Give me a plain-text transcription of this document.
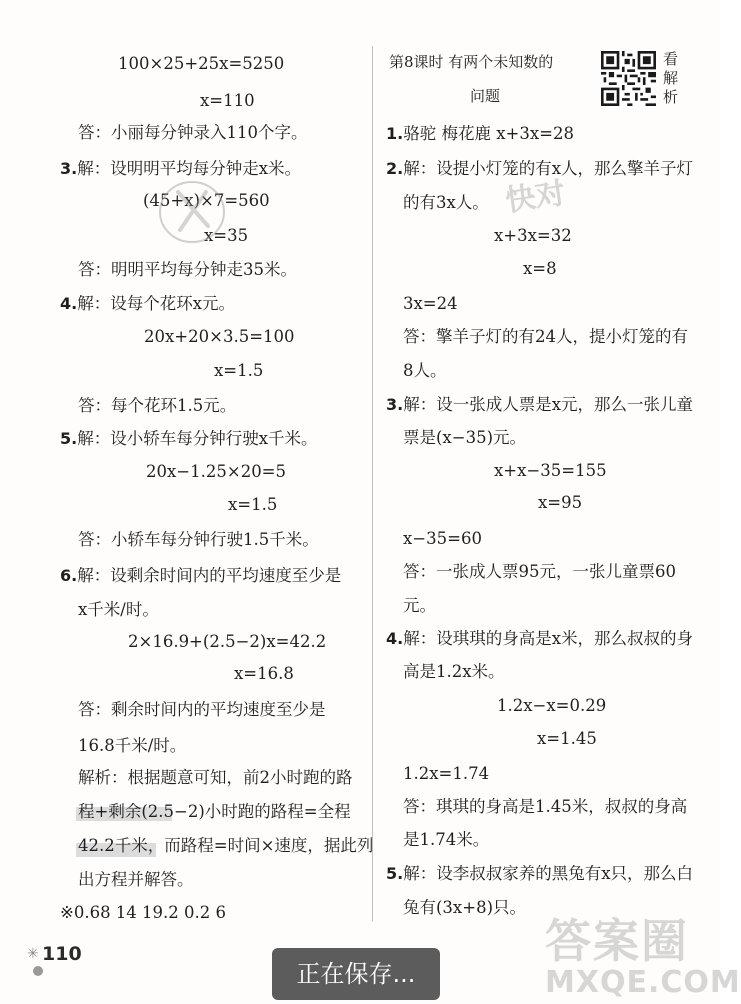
100×25+25x=5250
x=110
答：小丽每分钟录入110个字。
3.解：设明明平均每分钟走x米。
(45+x)×7=560
x=35
答：明明平均每分钟走35米。
4.解：设每个花环x元。
20x+20×3.5=100
x=1.5
答：每个花环1.5元。
5.解：设小轿车每分钟行驶x千米。
20x−1.25×20=5
x=1.5
答：小轿车每分钟行驶1.5千米。
6.解：设剩余时间内的平均速度至少是
x千米/时。
2×16.9+(2.5−2)x=42.2
x=16.8
答：剩余时间内的平均速度至少是
16.8千米/时。
解析：根据题意可知，前2小时跑的路
程+剩余(2.5−2)小时跑的路程=全程
42.2千米，而路程=时间×速度，据此列
出方程并解答。
※0.68 14 19.2 0.2 6
第8课时 有两个未知数的
问题
看解析
1.骆驼 梅花鹿 x+3x=28
2.解：设提小灯笼的有x人，那么擎羊子灯
的有3x人。
x+3x=32
x=8
3x=24
答：擎羊子灯的有24人，提小灯笼的有
8人。
3.解：设一张成人票是x元，那么一张儿童
票是(x−35)元。
x+x−35=155
x=95
x−35=60
答：一张成人票95元，一张儿童票60
元。
4.解：设琪琪的身高是x米，那么叔叔的身
高是1.2x米。
1.2x−x=0.29
x=1.45
1.2x=1.74
答：琪琪的身高是1.45米，叔叔的身高
是1.74米。
5.解：设李叔叔家养的黑兔有x只，那么白
兔有(3x+8)只。
快对
✳ 110	答案圈
MXQE.COM
正在保存...
